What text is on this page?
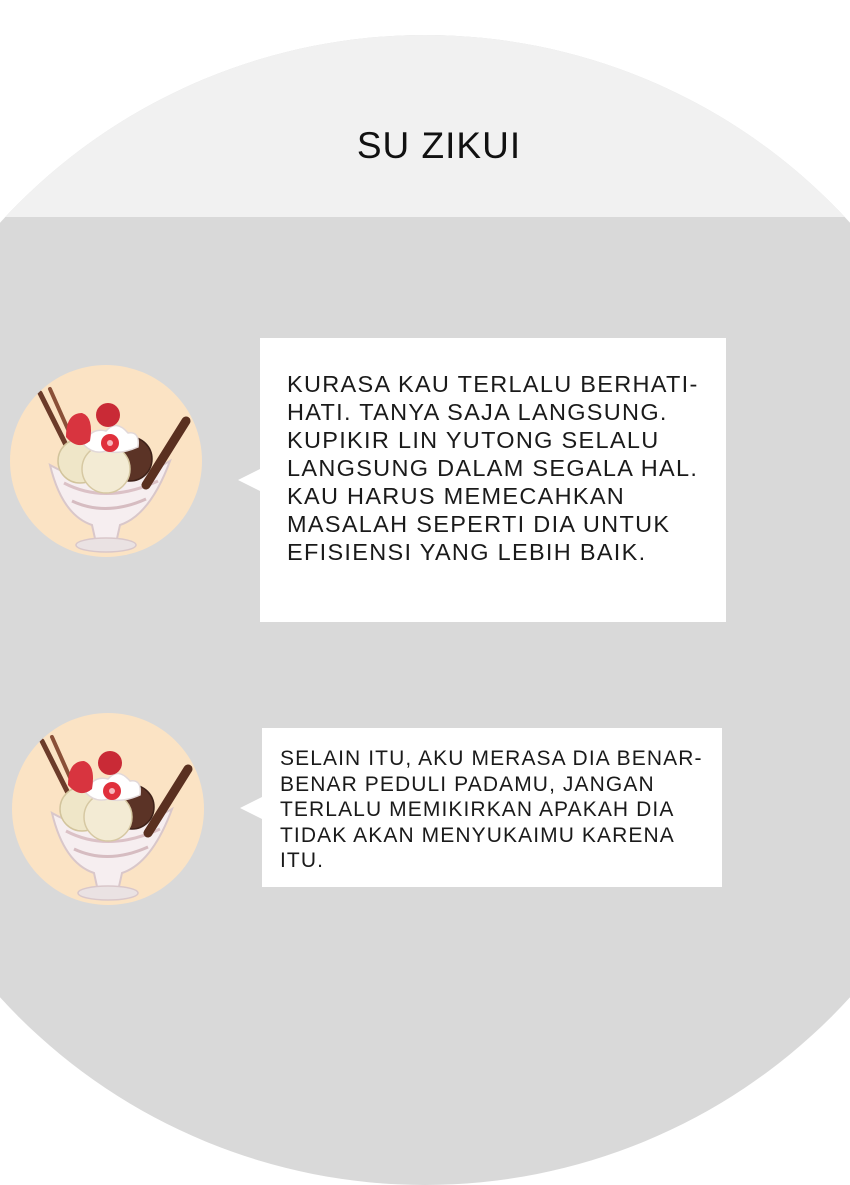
SU ZIKUI

KURASA KAU TERLALU BERHATI-HATI. TANYA SAJA LANGSUNG. KUPIKIR LIN YUTONG SELALU LANGSUNG DALAM SEGALA HAL. KAU HARUS MEMECAHKAN MASALAH SEPERTI DIA UNTUK EFISIENSI YANG LEBIH BAIK.

SELAIN ITU, AKU MERASA DIA BENAR-BENAR PEDULI PADAMU, JANGAN TERLALU MEMIKIRKAN APAKAH DIA TIDAK AKAN MENYUKAIMU KARENA ITU.
